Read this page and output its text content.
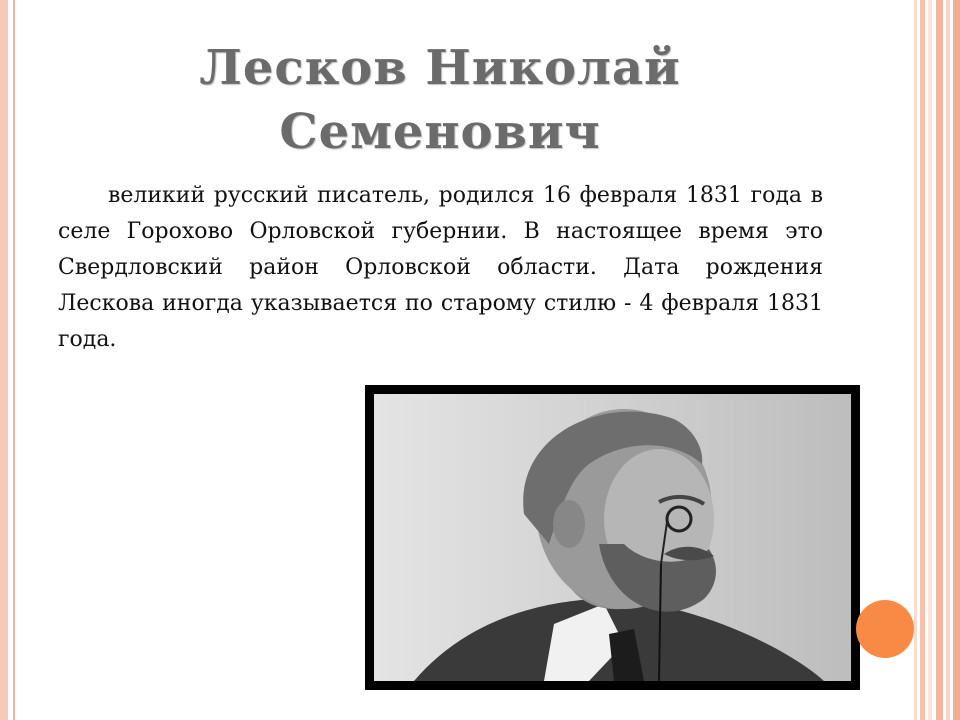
Лесков Николай
Семенович
великий русский писатель, родился 16 февраля 1831 года в селе Горохово Орловской губернии. В настоящее время это Свердловский район Орловской области. Дата рождения Лескова иногда указывается по старому стилю - 4 февраля 1831 года.
